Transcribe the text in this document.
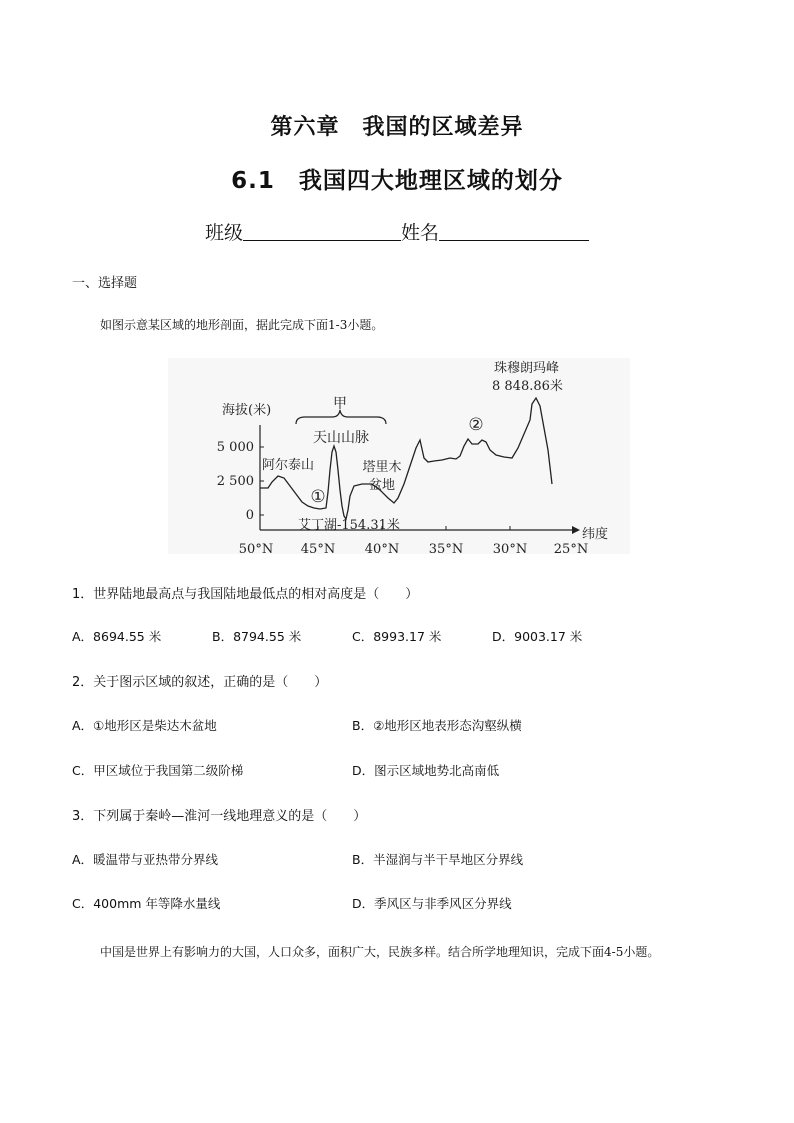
第六章　我国的区域差异
6.1　我国四大地理区域的划分
班级	姓名
一、选择题
如图示意某区域的地形剖面，据此完成下面1-3小题。
海拔(米)
5 000
2 500
0
50°N 45°N 40°N 35°N 30°N 25°N
纬度
甲
天山山脉
阿尔泰山	塔里木
盆地
①
②
艾丁湖-154.31米
珠穆朗玛峰
8 848.86米
1．世界陆地最高点与我国陆地最低点的相对高度是（　　）
A．8694.55 米	B．8794.55 米	C．8993.17 米	D．9003.17 米
2．关于图示区域的叙述，正确的是（　　）
A．①地形区是柴达木盆地	B．②地形区地表形态沟壑纵横
C．甲区域位于我国第二级阶梯	D．图示区域地势北高南低
3．下列属于秦岭—淮河一线地理意义的是（　　）
A．暖温带与亚热带分界线	B．半湿润与半干旱地区分界线
C．400mm 年等降水量线	D．季风区与非季风区分界线
中国是世界上有影响力的大国，人口众多，面积广大，民族多样。结合所学地理知识，完成下面4-5小题。
